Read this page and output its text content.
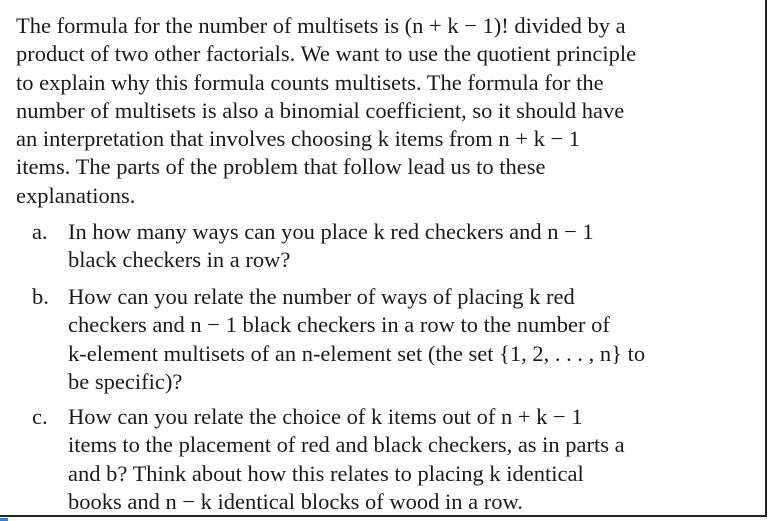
The formula for the number of multisets is (n + k − 1)! divided by a
product of two other factorials. We want to use the quotient principle
to explain why this formula counts multisets. The formula for the
number of multisets is also a binomial coefficient, so it should have
an interpretation that involves choosing k items from n + k − 1
items. The parts of the problem that follow lead us to these
explanations.
a. In how many ways can you place k red checkers and n − 1
black checkers in a row?
b. How can you relate the number of ways of placing k red
checkers and n − 1 black checkers in a row to the number of
k-element multisets of an n-element set (the set {1, 2, . . . , n} to
be specific)?
c. How can you relate the choice of k items out of n + k − 1
items to the placement of red and black checkers, as in parts a
and b? Think about how this relates to placing k identical
books and n − k identical blocks of wood in a row.
